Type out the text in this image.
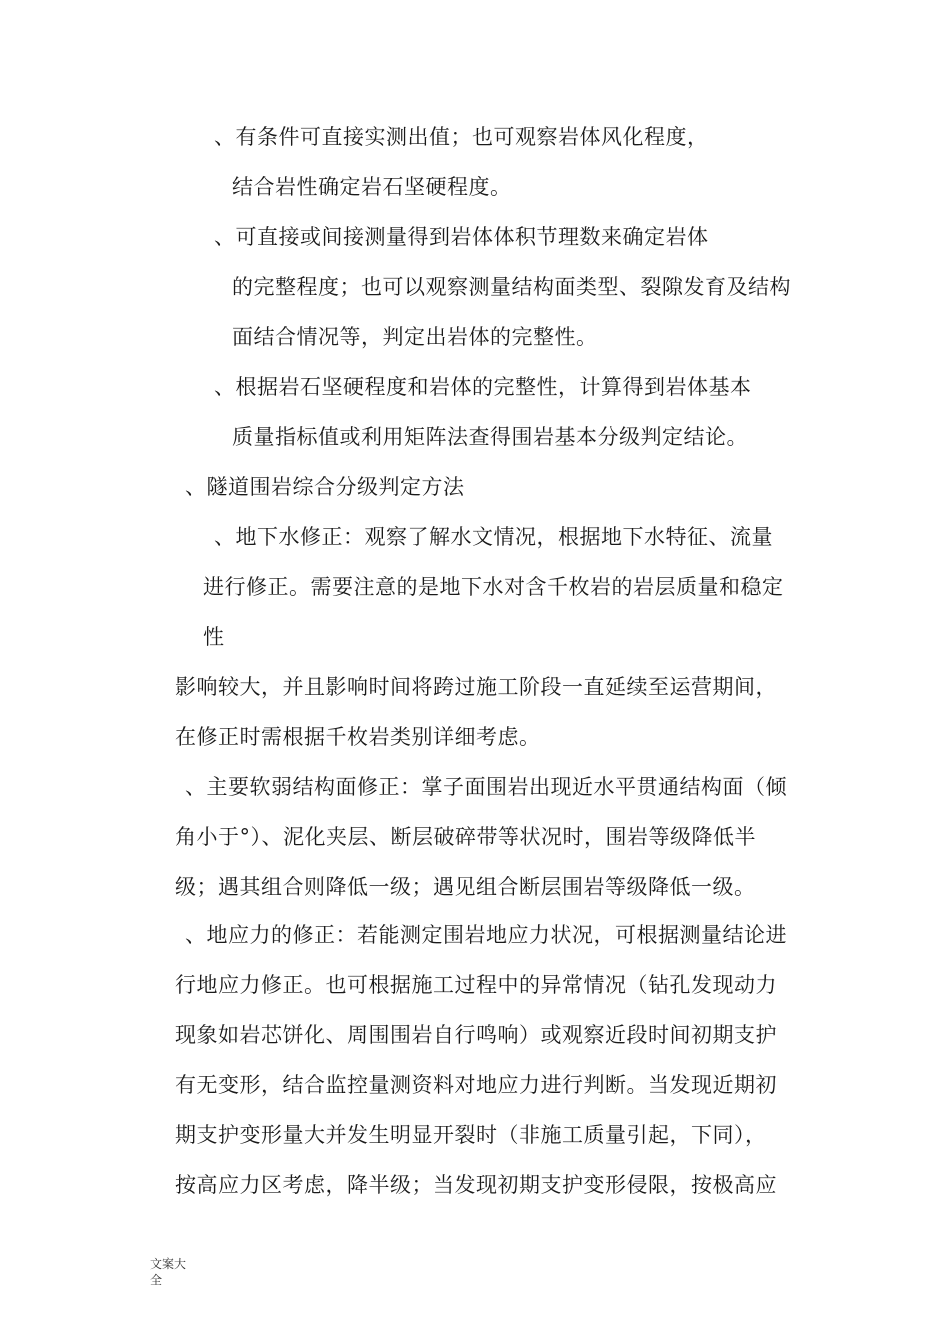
、有条件可直接实测出值；也可观察岩体风化程度，
结合岩性确定岩石坚硬程度。
、可直接或间接测量得到岩体体积节理数来确定岩体
的完整程度；也可以观察测量结构面类型、裂隙发育及结构
面结合情况等，判定出岩体的完整性。
、根据岩石坚硬程度和岩体的完整性，计算得到岩体基本
质量指标值或利用矩阵法查得围岩基本分级判定结论。
、隧道围岩综合分级判定方法
、地下水修正：观察了解水文情况，根据地下水特征、流量
进行修正。需要注意的是地下水对含千枚岩的岩层质量和稳定
性
影响较大，并且影响时间将跨过施工阶段一直延续至运营期间，
在修正时需根据千枚岩类别详细考虑。
、主要软弱结构面修正：掌子面围岩出现近水平贯通结构面（倾
角小于°）、泥化夹层、断层破碎带等状况时，围岩等级降低半
级；遇其组合则降低一级；遇见组合断层围岩等级降低一级。
、地应力的修正：若能测定围岩地应力状况，可根据测量结论进
行地应力修正。也可根据施工过程中的异常情况（钻孔发现动力
现象如岩芯饼化、周围围岩自行鸣响）或观察近段时间初期支护
有无变形，结合监控量测资料对地应力进行判断。当发现近期初
期支护变形量大并发生明显开裂时（非施工质量引起，下同），
按高应力区考虑，降半级；当发现初期支护变形侵限，按极高应
文案大
全
